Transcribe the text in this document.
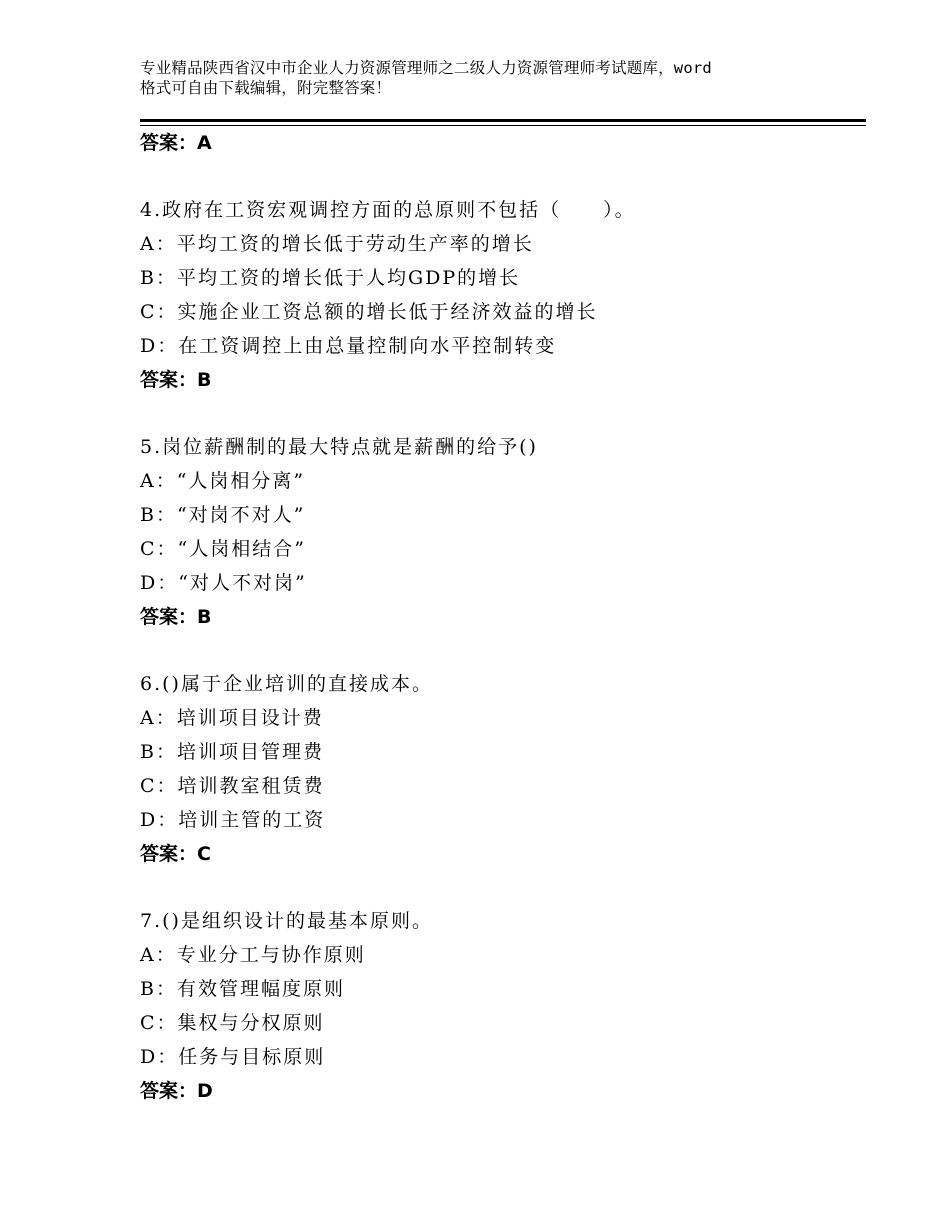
专业精品陕西省汉中市企业人力资源管理师之二级人力资源管理师考试题库，word
格式可自由下载编辑，附完整答案！
答案：A
4.政府在工资宏观调控方面的总原则不包括（　　）。
A：平均工资的增长低于劳动生产率的增长
B：平均工资的增长低于人均GDP的增长
C：实施企业工资总额的增长低于经济效益的增长
D：在工资调控上由总量控制向水平控制转变
答案：B
5.岗位薪酬制的最大特点就是薪酬的给予()
A：“人岗相分离”
B：“对岗不对人”
C：“人岗相结合”
D：“对人不对岗”
答案：B
6.()属于企业培训的直接成本。
A：培训项目设计费
B：培训项目管理费
C：培训教室租赁费
D：培训主管的工资
答案：C
7.()是组织设计的最基本原则。
A：专业分工与协作原则
B：有效管理幅度原则
C：集权与分权原则
D：任务与目标原则
答案：D
